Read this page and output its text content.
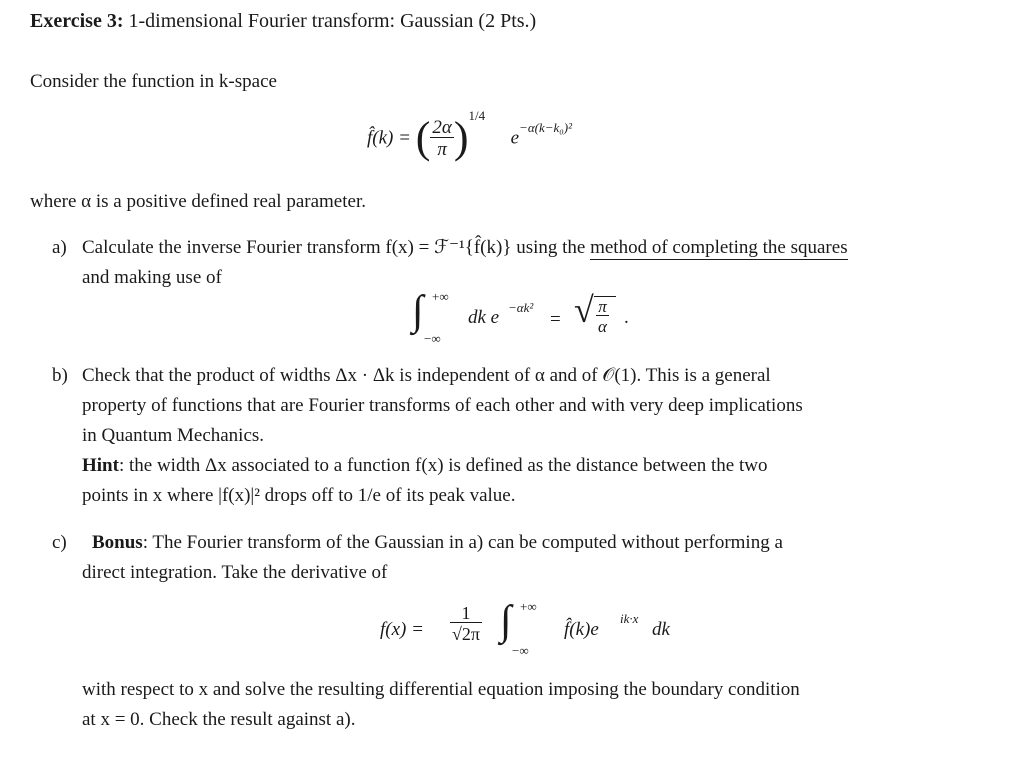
Exercise 3: 1-dimensional Fourier transform: Gaussian (2 Pts.)
Consider the function in k-space
f̂(k) = ( $\frac{2\alpha}{\pi} )^{1/4}$  $e^{-\alpha(k-k_0)^2}$
where α is a positive defined real parameter.
a) Calculate the inverse Fourier transform f(x) = ℱ⁻¹{f̂(k)} using the method of completing the squares
and making use of
∫ +∞
−∞
dk e −αk²
= √ $\frac{\pi}{\alpha}$ .
b) Check that the product of widths Δx · Δk is independent of α and of 𝒪(1). This is a general
property of functions that are Fourier transforms of each other and with very deep implications
in Quantum Mechanics.
Hint: the width Δx associated to a function f(x) is defined as the distance between the two
points in x where |f(x)|² drops off to 1/e of its peak value.
c) Bonus: The Fourier transform of the Gaussian in a) can be computed without performing a
direct integration. Take the derivative of
$f(x) = \frac{1}{√2\pi}$ ∫ +∞
−∞
f̂(k)e
ik·x
dk
with respect to x and solve the resulting differential equation imposing the boundary condition
at x = 0. Check the result against a).
